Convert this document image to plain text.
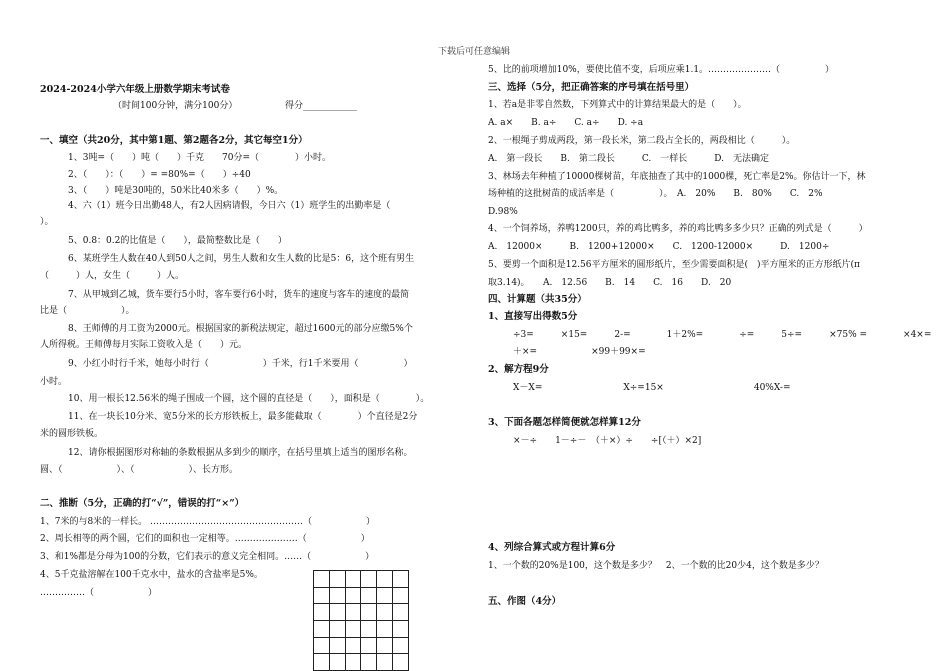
下载后可任意编辑
2024-2024小学六年级上册数学期末考试卷
（时间100分钟，满分100分）	得分____________
一、填空（共20分，其中第1题、第2题各2分，其它每空1分）
1、3吨=（　　）吨（　　）千克　　70分=（　　　　）小时。
2、（　　）：（　　）= =80%=（　　）÷40
3、（　　）吨是30吨的，50米比40米多（　　）%。
4、六（1）班今日出勤48人，有2人因病请假，今日六（1）班学生的出勤率是（
）。
5、0.8：0.2的比值是（　　），最简整数比是（　　）
6、某班学生人数在40人到50人之间，男生人数和女生人数的比是5：6，这个班有男生
（　　　）人，女生（　　　）人。
7、从甲城到乙城，货车要行5小时，客车要行6小时，货车的速度与客车的速度的最简
比是（　　　　　　）。
8、王师傅的月工资为2000元。根据国家的新税法规定，超过1600元的部分应缴5%个
人所得税。王师傅每月实际工资收入是（　　）元。
9、小红小时行千米，她每小时行（　　　　　　）千米，行1千米要用（　　　　　）
小时。
10、用一根长12.56米的绳子围成一个圆，这个圆的直径是（　　），面积是（　　　　）。
11、在一块长10分米、宽5分米的长方形铁板上，最多能截取（　　　　）个直径是2分
米的圆形铁板。
12、请你根据图形对称轴的条数根据从多到少的顺序，在括号里填上适当的图形名称。
圆、（　　　　　　）、（　　　　　　）、长方形。
二、推断（5分，正确的打“√”，错误的打“×”）
1、7米的与8米的一样长。 ……………………………………………（　　　　　　）
2、周长相等的两个圆，它们的面积也一定相等。…………………（　　　　　　）
3、和1%都是分母为100的分数，它们表示的意义完全相同。……（　　　　　　）
4、5千克盐溶解在100千克水中，盐水的含盐率是5%。
……………（　　　　　　）
5、比的前项增加10%，要使比值不变，后项应乘1.1。…………………（　　　　　）
三、选择（5分，把正确答案的序号填在括号里）
1、若a是非零自然数，下列算式中的计算结果最大的是（　　）。
A. a×　　B. a÷　　C. a÷　　D. ÷a
2、一根绳子剪成两段，第一段长米，第二段占全长的，两段相比（　　　）。
A.　第一段长　　B.　第二段长　　　C.　一样长　　　D.　无法确定
3、林场去年种植了10000棵树苗，年底抽查了其中的1000棵，死亡率是2%。你估计一下，林
场种植的这批树苗的成活率是（　　　　　）。　A.　20%　　B.　80%　　C.　2%
D.98%
4、一个饲养场，养鸭1200只，养的鸡比鸭多，养的鸡比鸭多多少只？正确的列式是（　　　）
A.　12000×　　　B.　1200+12000×　　C.　1200-12000×　　　D.　1200÷
5、要剪一个面积是12.56平方厘米的圆形纸片，至少需要面积是(　)平方厘米的正方形纸片(π
取3.14)。　　A.　12.56　　B.　14　　C.　16　　D.　20
四、计算题（共35分）
1、直接写出得数5分
÷3=　　　×15=　　　2-=　　　　1＋2%=　　　　÷=　　　5÷=　　　×75% =　　　　×4×=
＋×=　　　　　　×99＋99×=
2、解方程9分
X－X=　　　　　　　　　X÷=15×　　　　　　　　　　40%X-=
3、下面各题怎样简便就怎样算12分
×－÷　　1－÷－　（＋×）÷　　÷[（＋）×2]
4、列综合算式或方程计算6分
1、一个数的20%是100，这个数是多少？　2、一个数的比20少4，这个数是多少？
五、作图（4分）
